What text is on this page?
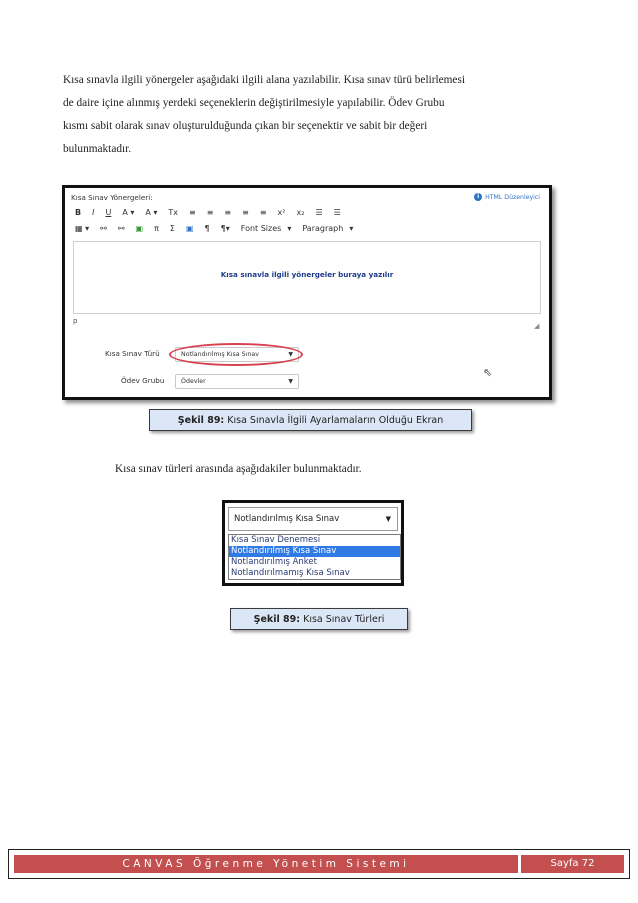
Kısa sınavla ilgili yönergeler aşağıdaki ilgili alana yazılabilir. Kısa sınav türü belirlemesi

de daire içine alınmış yerdeki seçeneklerin değiştirilmesiyle yapılabilir. Ödev Grubu

kısmı sabit olarak sınav oluşturulduğunda çıkan bir seçenektir ve sabit bir değeri

bulunmaktadır.

Kısa Sınav Yönergeleri:	i HTML Düzenleyici
B I U A ▾ A ▾ Tx ≡ ≡ ≡ ≡ ≡ x² x₂ ☰ ☰
▦ ▾ ⚯ ⚯ ▣ π Σ ▣ ¶ ¶▾ Font Sizes ▾ Paragraph ▾
Kısa sınavla ilgili yönergeler buraya yazılır
p
◢
Kısa Sınav Türü	Notlandırılmış Kısa Sınav	▼
Ödev Grubu	Ödevler	▼
⇖
Şekil 89: Kısa Sınavla İlgili Ayarlamaların Olduğu Ekran
Kısa sınav türleri arasında aşağıdakiler bulunmaktadır.
Notlandırılmış Kısa Sınav	▼
Kısa Sınav Denemesi
Notlandırılmış Kısa Sınav
Notlandırılmış Anket
Notlandırılmamış Kısa Sınav
Şekil 89: Kısa Sınav Türleri
CANVAS Öğrenme Yönetim Sistemi	Sayfa 72
